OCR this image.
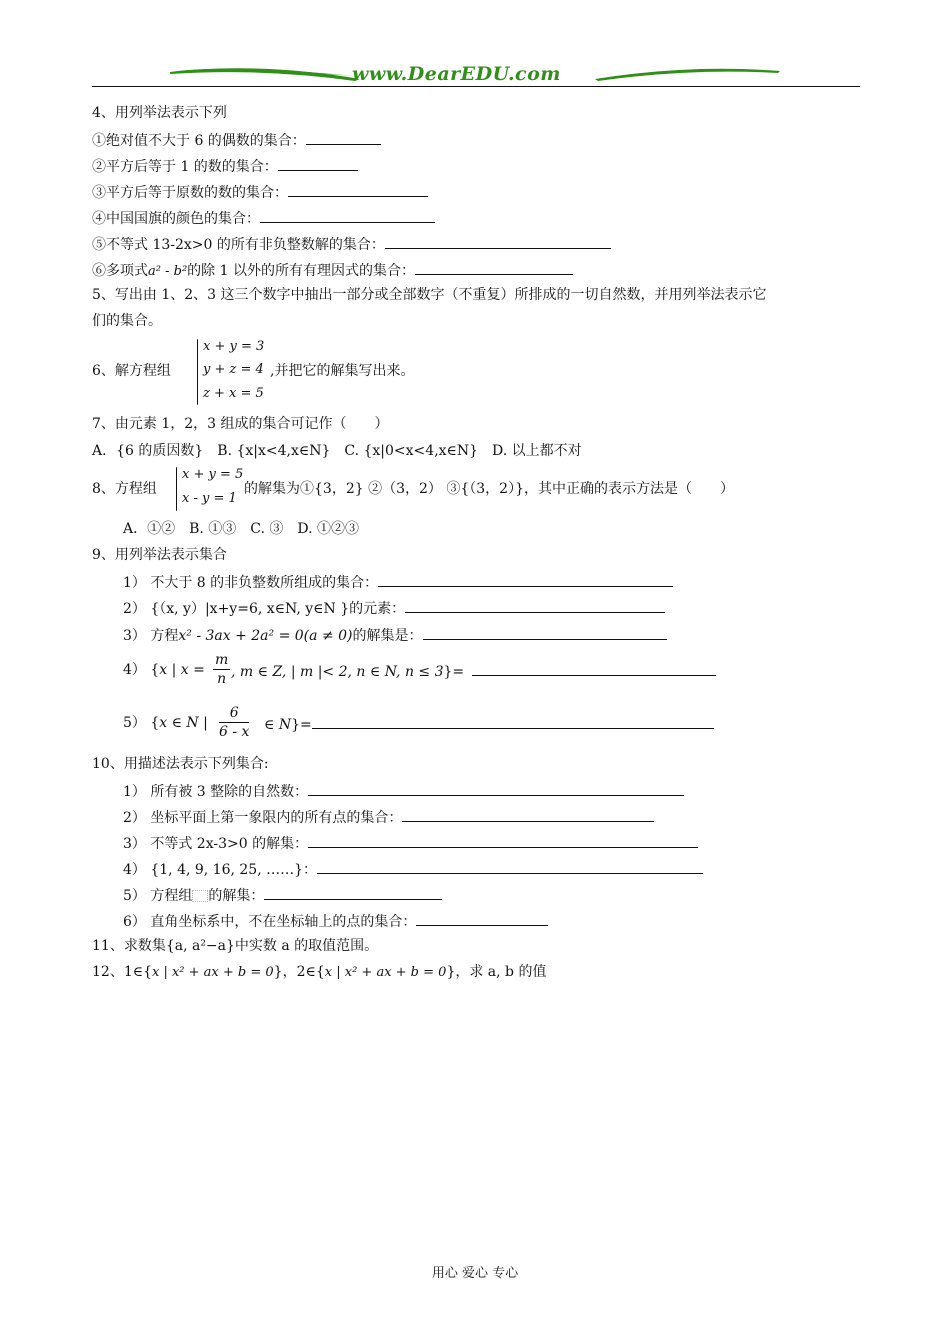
www.DearEDU.com
4、用列举法表示下列
①绝对值不大于 6 的偶数的集合：
②平方后等于 1 的数的集合：
③平方后等于原数的数的集合：
④中国国旗的颜色的集合：
⑤不等式 13-2x>0 的所有非负整数解的集合：
⑥多项式a² - b²的除 1 以外的所有有理因式的集合：
5、写出由 1、2、3 这三个数字中抽出一部分或全部数字（不重复）所排成的一切自然数，并用列举法表示它
们的集合。
6、解方程组
x + y = 3
y + z = 4
z + x = 5
,并把它的解集写出来。
7、由元素 1，2，3 组成的集合可记作（　　）
A．{6 的质因数}　B. {x|x<4,x∈N}　C. {x|0<x<4,x∈N}　D. 以上都不对
8、方程组
x + y = 5
x - y = 1
的解集为①{3，2} ②（3，2） ③{（3，2）}，其中正确的表示方法是（　　）
A．①②　B. ①③　C. ③　D. ①②③
9、用列举法表示集合
1） 不大于 8 的非负整数所组成的集合：
2） {（x, y）|x+y=6, x∈N, y∈N }的元素：
3） 方程x² - 3ax + 2a² = 0(a ≠ 0)的解集是：
4） {x | $x = \frac{m}{n}$ , m ∈ Z, | m |< 2, n ∈ N, n ≤ 3}=
5） {x ∈ N | $\frac{6}{6 - x}$ ∈ N}=
10、用描述法表示下列集合:
1） 所有被 3 整除的自然数：
2） 坐标平面上第一象限内的所有点的集合：
3） 不等式 2x-3>0 的解集：
4） {1, 4, 9, 16, 25, ……}：
5） 方程组 的解集：
6） 直角坐标系中，不在坐标轴上的点的集合：
11、求数集{a, a²−a}中实数 a 的取值范围。
12、1∈{x | x² + ax + b = 0}，2∈{x | x² + ax + b = 0}，求 a, b 的值
用心 爱心 专心
